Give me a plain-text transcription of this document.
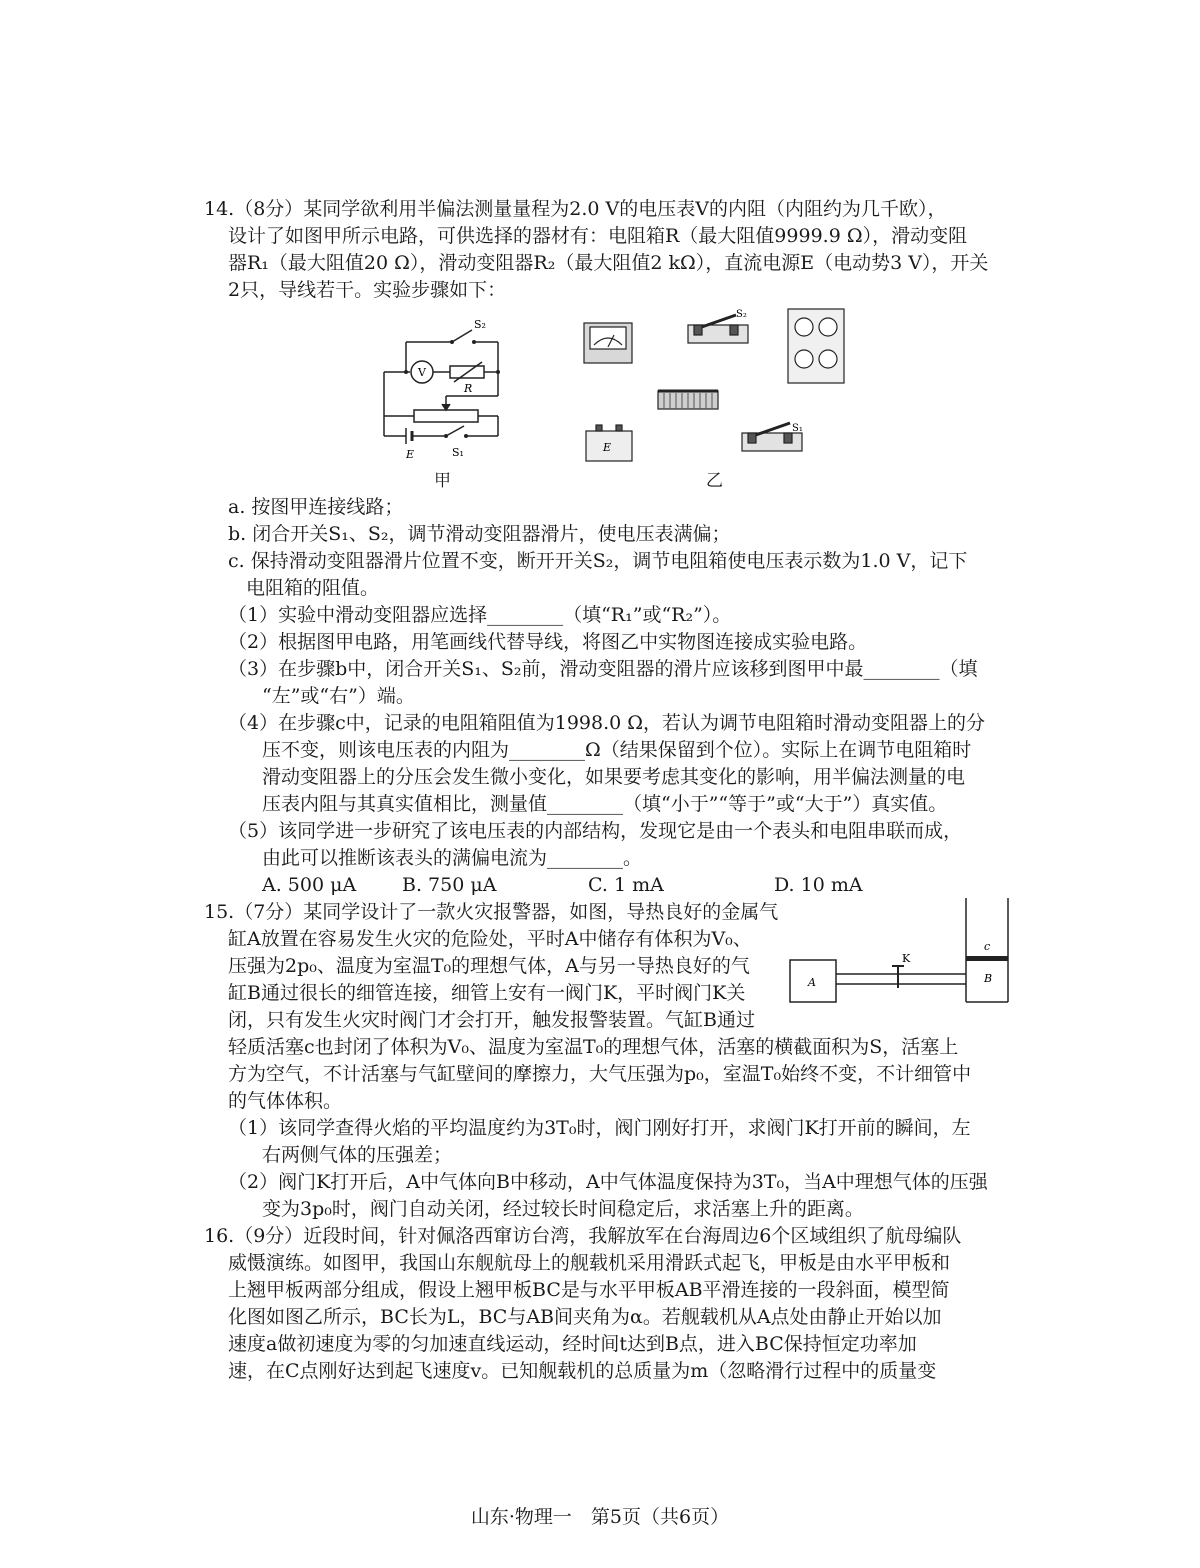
14.（8分）某同学欲利用半偏法测量量程为2.0 V的电压表V的内阻（内阻约为几千欧），
设计了如图甲所示电路，可供选择的器材有：电阻箱R（最大阻值9999.9 Ω），滑动变阻
器R₁（最大阻值20 Ω），滑动变阻器R₂（最大阻值2 kΩ），直流电源E（电动势3 V），开关
2只，导线若干。实验步骤如下：
S₂
V
R
E	S₁
甲
S₂
S₁
E
乙
a. 按图甲连接线路；
b. 闭合开关S₁、S₂，调节滑动变阻器滑片，使电压表满偏；
c. 保持滑动变阻器滑片位置不变，断开开关S₂，调节电阻箱使电压表示数为1.0 V，记下
电阻箱的阻值。
（1）实验中滑动变阻器应选择________（填“R₁”或“R₂”）。
（2）根据图甲电路，用笔画线代替导线，将图乙中实物图连接成实验电路。
（3）在步骤b中，闭合开关S₁、S₂前，滑动变阻器的滑片应该移到图甲中最________（填
“左”或“右”）端。
（4）在步骤c中，记录的电阻箱阻值为1998.0 Ω，若认为调节电阻箱时滑动变阻器上的分
压不变，则该电压表的内阻为________Ω（结果保留到个位）。实际上在调节电阻箱时
滑动变阻器上的分压会发生微小变化，如果要考虑其变化的影响，用半偏法测量的电
压表内阻与其真实值相比，测量值________（填“小于”“等于”或“大于”）真实值。
（5）该同学进一步研究了该电压表的内部结构，发现它是由一个表头和电阻串联而成，
由此可以推断该表头的满偏电流为________。
A. 500 μA B. 750 μA	C. 1 mA	D. 10 mA
15.（7分）某同学设计了一款火灾报警器，如图，导热良好的金属气
缸A放置在容易发生火灾的危险处，平时A中储存有体积为V₀、
压强为2p₀、温度为室温T₀的理想气体，A与另一导热良好的气
缸B通过很长的细管连接，细管上安有一阀门K，平时阀门K关
闭，只有发生火灾时阀门才会打开，触发报警装置。气缸B通过
轻质活塞c也封闭了体积为V₀、温度为室温T₀的理想气体，活塞的横截面积为S，活塞上
方为空气，不计活塞与气缸壁间的摩擦力，大气压强为p₀，室温T₀始终不变，不计细管中
的气体体积。
A	B
c
K
（1）该同学查得火焰的平均温度约为3T₀时，阀门刚好打开，求阀门K打开前的瞬间，左
右两侧气体的压强差；
（2）阀门K打开后，A中气体向B中移动，A中气体温度保持为3T₀，当A中理想气体的压强
变为3p₀时，阀门自动关闭，经过较长时间稳定后，求活塞上升的距离。
16.（9分）近段时间，针对佩洛西窜访台湾，我解放军在台海周边6个区域组织了航母编队
威慑演练。如图甲，我国山东舰航母上的舰载机采用滑跃式起飞，甲板是由水平甲板和
上翘甲板两部分组成，假设上翘甲板BC是与水平甲板AB平滑连接的一段斜面，模型简
化图如图乙所示，BC长为L，BC与AB间夹角为α。若舰载机从A点处由静止开始以加
速度a做初速度为零的匀加速直线运动，经时间t达到B点，进入BC保持恒定功率加
速，在C点刚好达到起飞速度v。已知舰载机的总质量为m（忽略滑行过程中的质量变
山东·物理一　第5页（共6页）
